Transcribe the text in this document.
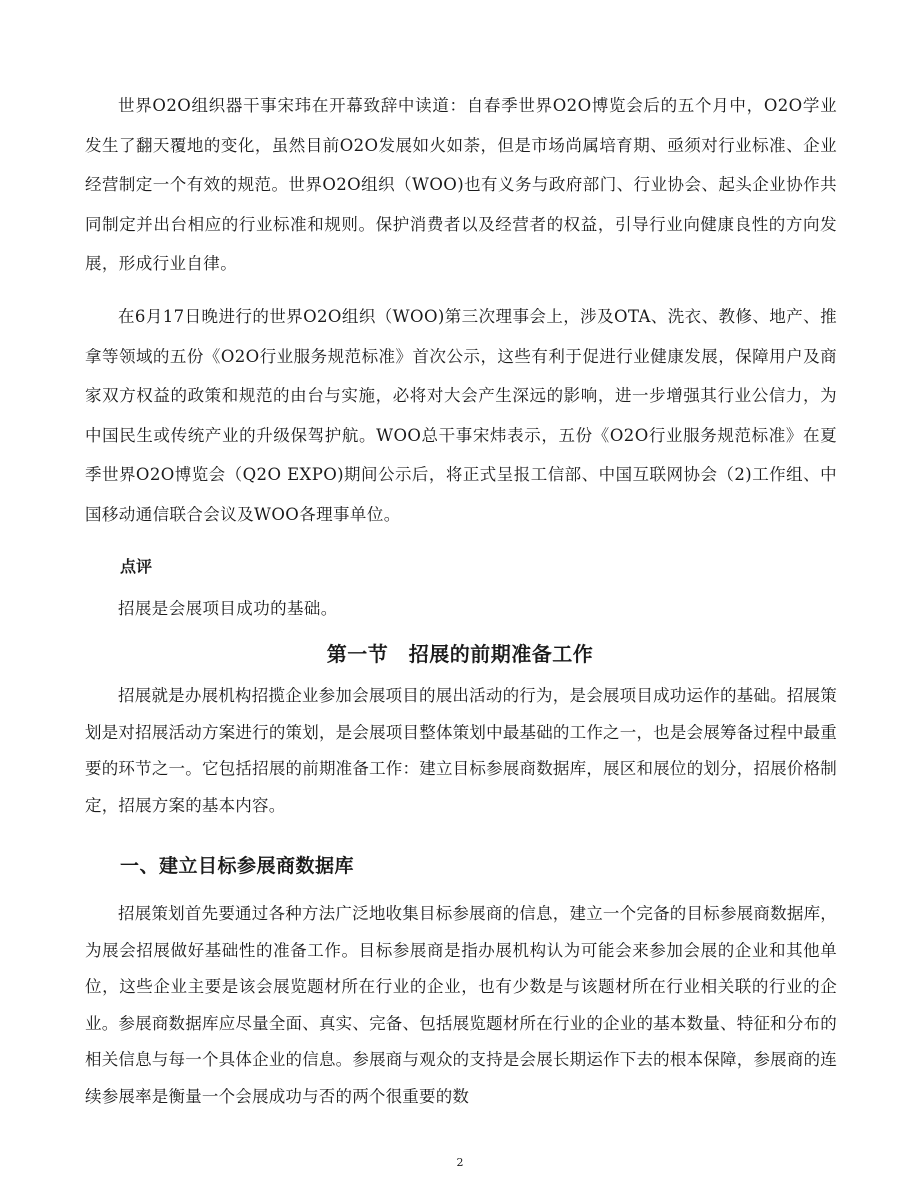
世界O2O组织器干事宋玮在开幕致辞中读道：自春季世界O2O博览会后的五个月中，O2O学业发生了翻天覆地的变化，虽然目前O2O发展如火如荼，但是市场尚属培育期、亟须对行业标准、企业经营制定一个有效的规范。世界O2O组织（WOO)也有义务与政府部门、行业协会、起头企业协作共同制定并出台相应的行业标准和规则。保护消费者以及经营者的权益，引导行业向健康良性的方向发展，形成行业自律。

在6月17日晚进行的世界O2O组织（WOO)第三次理事会上，涉及OTA、洗衣、教修、地产、推拿等领域的五份《O2O行业服务规范标准》首次公示，这些有利于促进行业健康发展，保障用户及商家双方权益的政策和规范的由台与实施，必将对大会产生深远的影响，进一步增强其行业公信力，为中国民生或传统产业的升级保驾护航。WOO总干事宋炜表示，五份《O2O行业服务规范标准》在夏季世界O2O博览会（Q2O EXPO)期间公示后，将正式呈报工信部、中国互联网协会（2)工作组、中国移动通信联合会议及WOO各理事单位。

点评

招展是会展项目成功的基础。

第一节　招展的前期准备工作

招展就是办展机构招揽企业参加会展项目的展出活动的行为，是会展项目成功运作的基础。招展策划是对招展活动方案进行的策划，是会展项目整体策划中最基础的工作之一，也是会展筹备过程中最重要的环节之一。它包括招展的前期准备工作：建立目标参展商数据库，展区和展位的划分，招展价格制定，招展方案的基本内容。

一、建立目标参展商数据库

招展策划首先要通过各种方法广泛地收集目标参展商的信息，建立一个完备的目标参展商数据库，为展会招展做好基础性的准备工作。目标参展商是指办展机构认为可能会来参加会展的企业和其他单位，这些企业主要是该会展览题材所在行业的企业，也有少数是与该题材所在行业相关联的行业的企业。参展商数据库应尽量全面、真实、完备、包括展览题材所在行业的企业的基本数量、特征和分布的相关信息与每一个具体企业的信息。参展商与观众的支持是会展长期运作下去的根本保障，参展商的连续参展率是衡量一个会展成功与否的两个很重要的数

2
